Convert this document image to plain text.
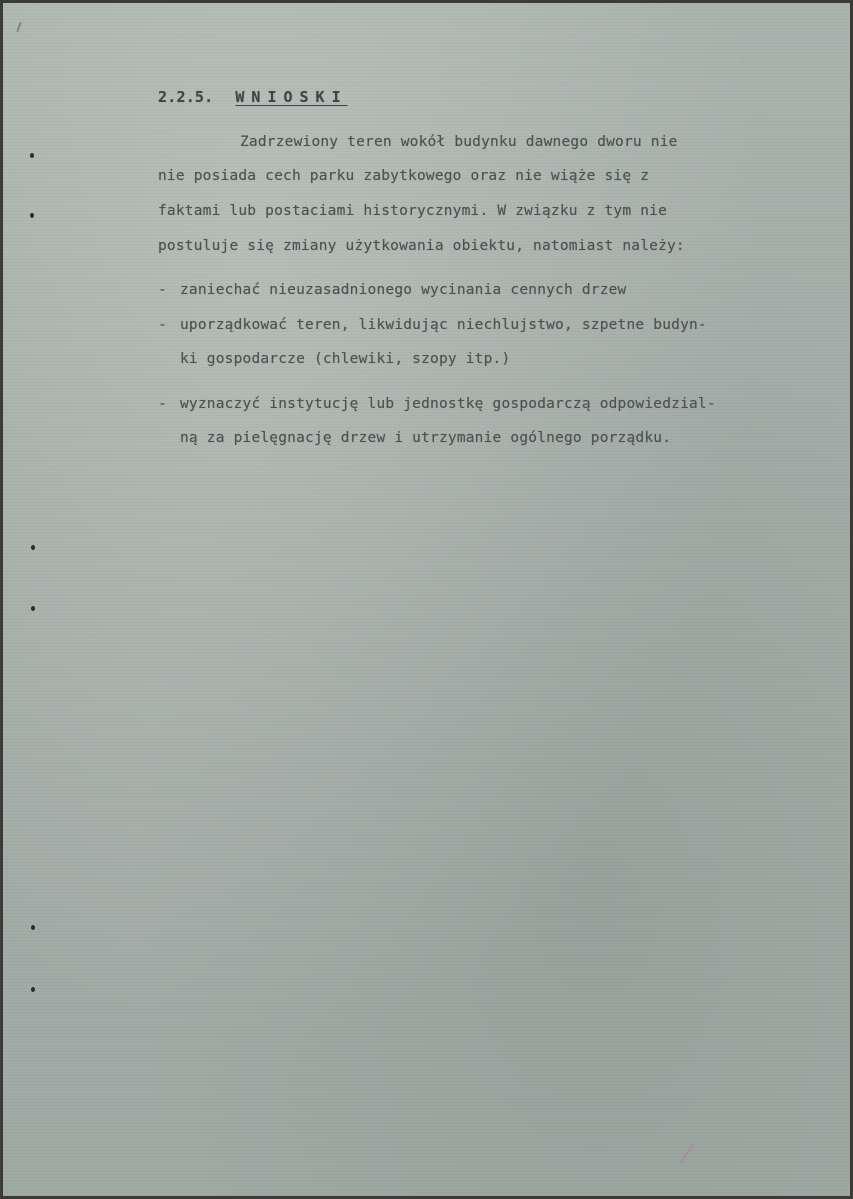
2.2.5. WNIOSKI
Zadrzewiony teren wokół budynku dawnego dworu nie
nie posiada cech parku zabytkowego oraz nie wiąże się z
faktami lub postaciami historycznymi. W związku z tym nie
postuluje się zmiany użytkowania obiektu, natomiast należy:
- zaniechać nieuzasadnionego wycinania cennych drzew
- uporządkować teren, likwidując niechlujstwo, szpetne budyn-
ki gospodarcze (chlewiki, szopy itp.)
- wyznaczyć instytucję lub jednostkę gospodarczą odpowiedzial-
ną za pielęgnację drzew i utrzymanie ogólnego porządku.
